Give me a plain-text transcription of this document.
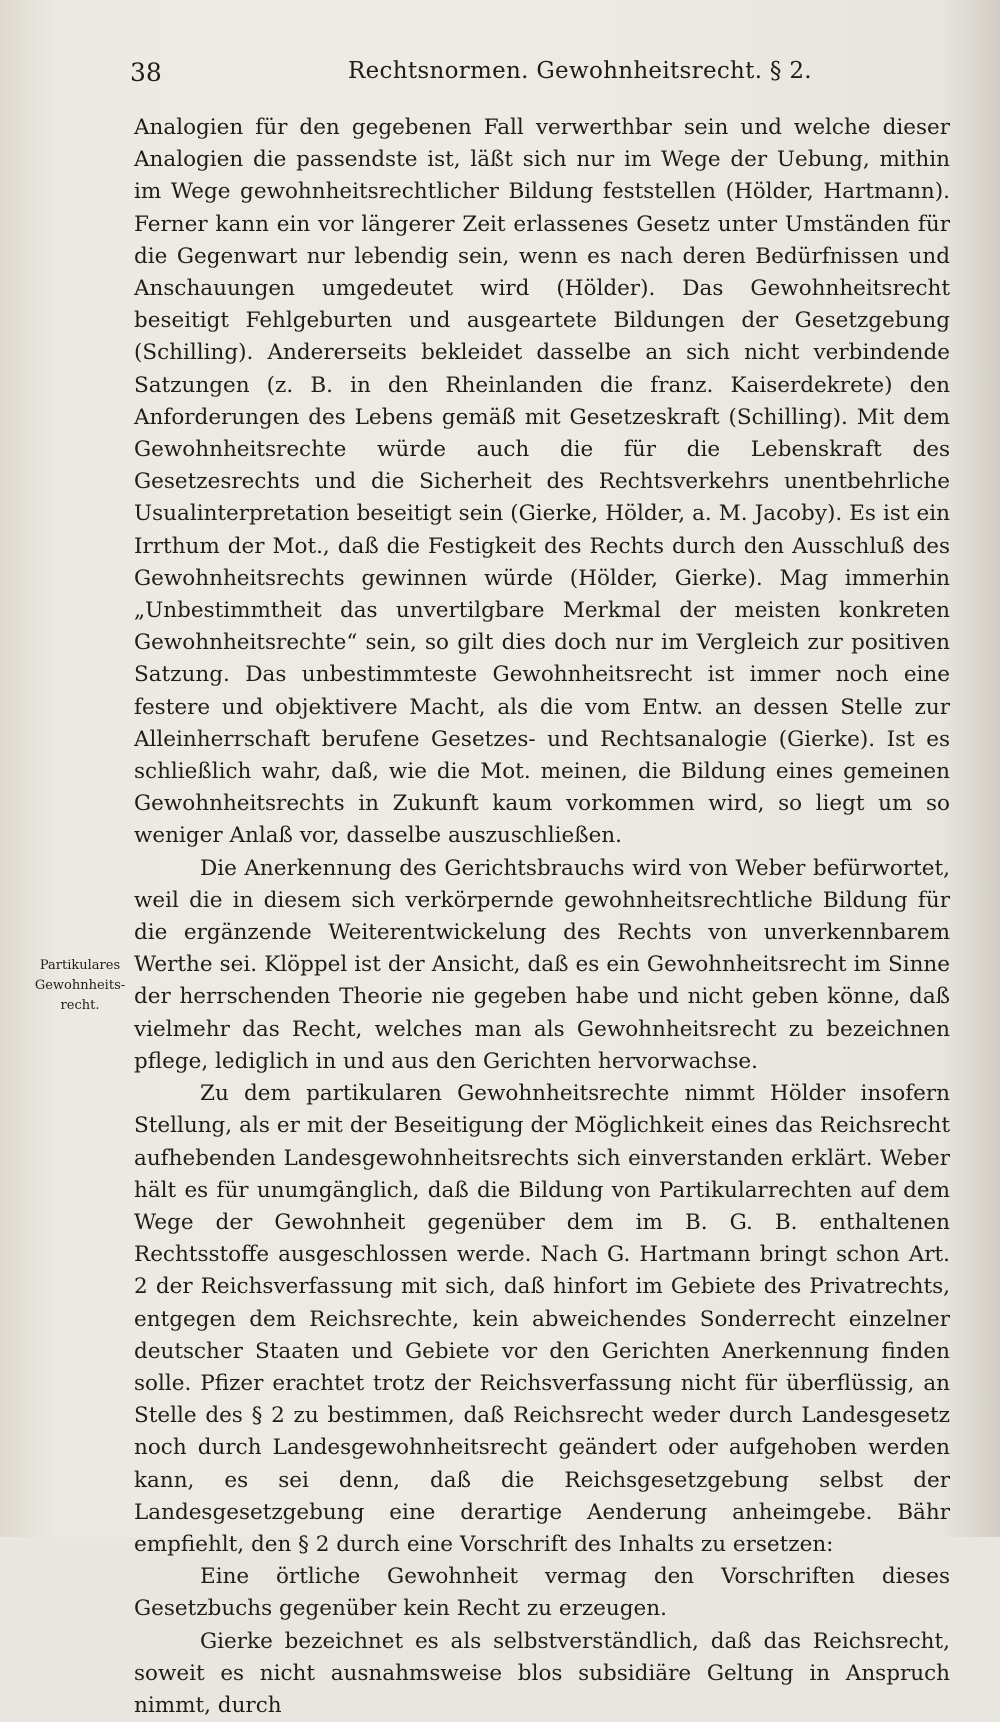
38	Rechtsnormen. Gewohnheitsrecht. § 2.
Partikulares
Gewohnheits-
recht.

Analogien für den gegebenen Fall verwerthbar sein und welche dieser Analogien die passendste ist, läßt sich nur im Wege der Uebung, mithin im Wege gewohnheitsrechtlicher Bildung feststellen (Hölder, Hartmann). Ferner kann ein vor längerer Zeit erlassenes Gesetz unter Umständen für die Gegenwart nur lebendig sein, wenn es nach deren Bedürfnissen und Anschauungen umgedeutet wird (Hölder). Das Gewohnheitsrecht beseitigt Fehlgeburten und ausgeartete Bildungen der Gesetzgebung (Schilling). Andererseits bekleidet dasselbe an sich nicht verbindende Satzungen (z. B. in den Rheinlanden die franz. Kaiserdekrete) den Anforderungen des Lebens gemäß mit Gesetzeskraft (Schilling). Mit dem Gewohnheitsrechte würde auch die für die Lebenskraft des Gesetzesrechts und die Sicherheit des Rechtsverkehrs unentbehrliche Usualinterpretation beseitigt sein (Gierke, Hölder, a. M. Jacoby). Es ist ein Irrthum der Mot., daß die Festigkeit des Rechts durch den Ausschluß des Gewohnheitsrechts gewinnen würde (Hölder, Gierke). Mag immerhin „Unbestimmtheit das unvertilgbare Merkmal der meisten konkreten Gewohnheitsrechte“ sein, so gilt dies doch nur im Vergleich zur positiven Satzung. Das unbestimmteste Gewohnheitsrecht ist immer noch eine festere und objektivere Macht, als die vom Entw. an dessen Stelle zur Alleinherrschaft berufene Gesetzes- und Rechtsanalogie (Gierke). Ist es schließlich wahr, daß, wie die Mot. meinen, die Bildung eines gemeinen Gewohnheitsrechts in Zukunft kaum vorkommen wird, so liegt um so weniger Anlaß vor, dasselbe auszuschließen.

Die Anerkennung des Gerichtsbrauchs wird von Weber befürwortet, weil die in diesem sich verkörpernde gewohnheitsrechtliche Bildung für die ergänzende Weiterentwickelung des Rechts von unverkennbarem Werthe sei. Klöppel ist der Ansicht, daß es ein Gewohnheitsrecht im Sinne der herrschenden Theorie nie gegeben habe und nicht geben könne, daß vielmehr das Recht, welches man als Gewohnheitsrecht zu bezeichnen pflege, lediglich in und aus den Gerichten hervorwachse.

Zu dem partikularen Gewohnheitsrechte nimmt Hölder insofern Stellung, als er mit der Beseitigung der Möglichkeit eines das Reichsrecht aufhebenden Landesgewohnheitsrechts sich einverstanden erklärt. Weber hält es für unumgänglich, daß die Bildung von Partikularrechten auf dem Wege der Gewohnheit gegenüber dem im B. G. B. enthaltenen Rechtsstoffe ausgeschlossen werde. Nach G. Hartmann bringt schon Art. 2 der Reichsverfassung mit sich, daß hinfort im Gebiete des Privatrechts, entgegen dem Reichsrechte, kein abweichendes Sonderrecht einzelner deutscher Staaten und Gebiete vor den Gerichten Anerkennung finden solle. Pfizer erachtet trotz der Reichsverfassung nicht für überflüssig, an Stelle des § 2 zu bestimmen, daß Reichsrecht weder durch Landesgesetz noch durch Landesgewohnheitsrecht geändert oder aufgehoben werden kann, es sei denn, daß die Reichsgesetzgebung selbst der Landesgesetzgebung eine derartige Aenderung anheimgebe. Bähr empfiehlt, den § 2 durch eine Vorschrift des Inhalts zu ersetzen:

Eine örtliche Gewohnheit vermag den Vorschriften dieses Gesetzbuchs gegenüber kein Recht zu erzeugen.

Gierke bezeichnet es als selbstverständlich, daß das Reichsrecht, soweit es nicht ausnahmsweise blos subsidiäre Geltung in Anspruch nimmt, durch
